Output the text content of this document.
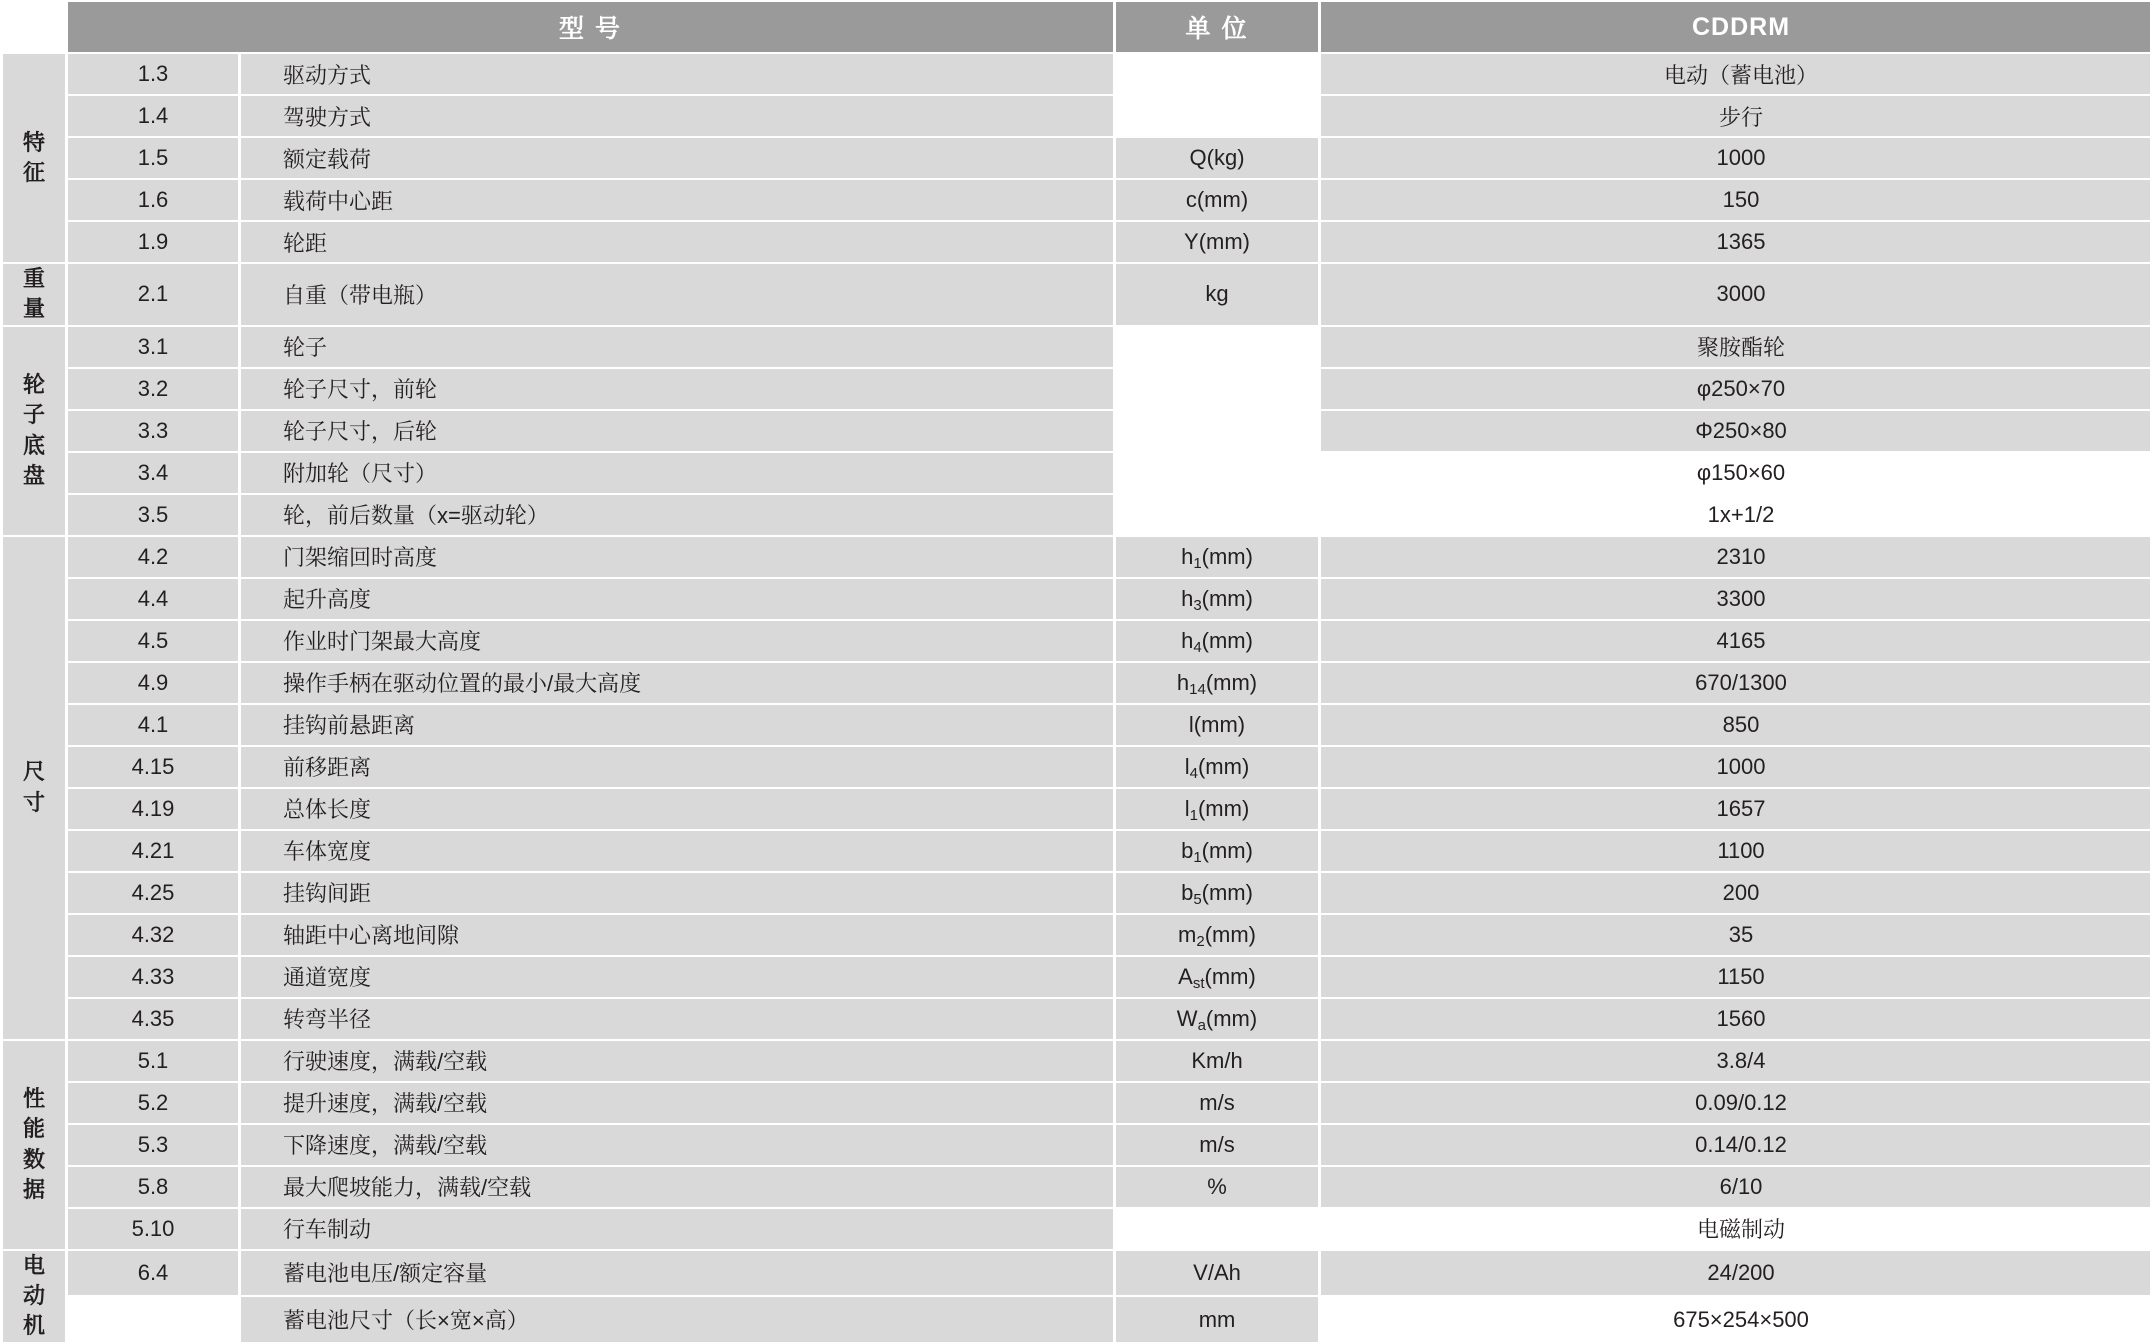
	型 号		单 位	CDDRM
特征	1.3	驱动方式		电动（蓄电池）
	1.4	驾驶方式		步行
	1.5	额定载荷	Q(kg)	1000
	1.6	载荷中心距	c(mm)	150
	1.9	轮距	Y(mm)	1365
重 量	2.1	自重（带电瓶）	kg	3000
轮子底盘	3.1	轮子		聚胺酯轮
	3.2	轮子尺寸，前轮		φ250×70
	3.3	轮子尺寸，后轮		Φ250×80
	3.4	附加轮（尺寸）		φ150×60
	3.5	轮，前后数量（x=驱动轮）		1x+1/2
尺 寸	4.2	门架缩回时高度	$h_1(mm)$	2310
	4.4	起升高度	$h_3(mm)$	3300
	4.5	作业时门架最大高度	$h_4(mm)$	4165
	4.9	操作手柄在驱动位置的最小/最大高度	$h_{14}(mm)$	670/1300
	4.1	挂钩前悬距离	l(mm)	850
	4.15	前移距离	$l_4(mm)$	1000
	4.19	总体长度	$l_1(mm)$	1657
	4.21	车体宽度	$b_1(mm)$	1100
	4.25	挂钩间距	$b_5(mm)$	200
	4.32	轴距中心离地间隙	$m_2(mm)$	35
	4.33	通道宽度	$A_{st}(mm)$	1150
	4.35	转弯半径	$W_a(mm)$	1560
性能数据	5.1	行驶速度，满载/空载	Km/h	3.8/4
	5.2	提升速度，满载/空载	m/s	0.09/0.12
	5.3	下降速度，满载/空载	m/s	0.14/0.12
	5.8	最大爬坡能力，满载/空载	%	6/10
	5.10	行车制动		电磁制动
电动机	6.4	蓄电池电压/额定容量	V/Ah	24/200
		蓄电池尺寸（长×宽×高）	mm	675×254×500
